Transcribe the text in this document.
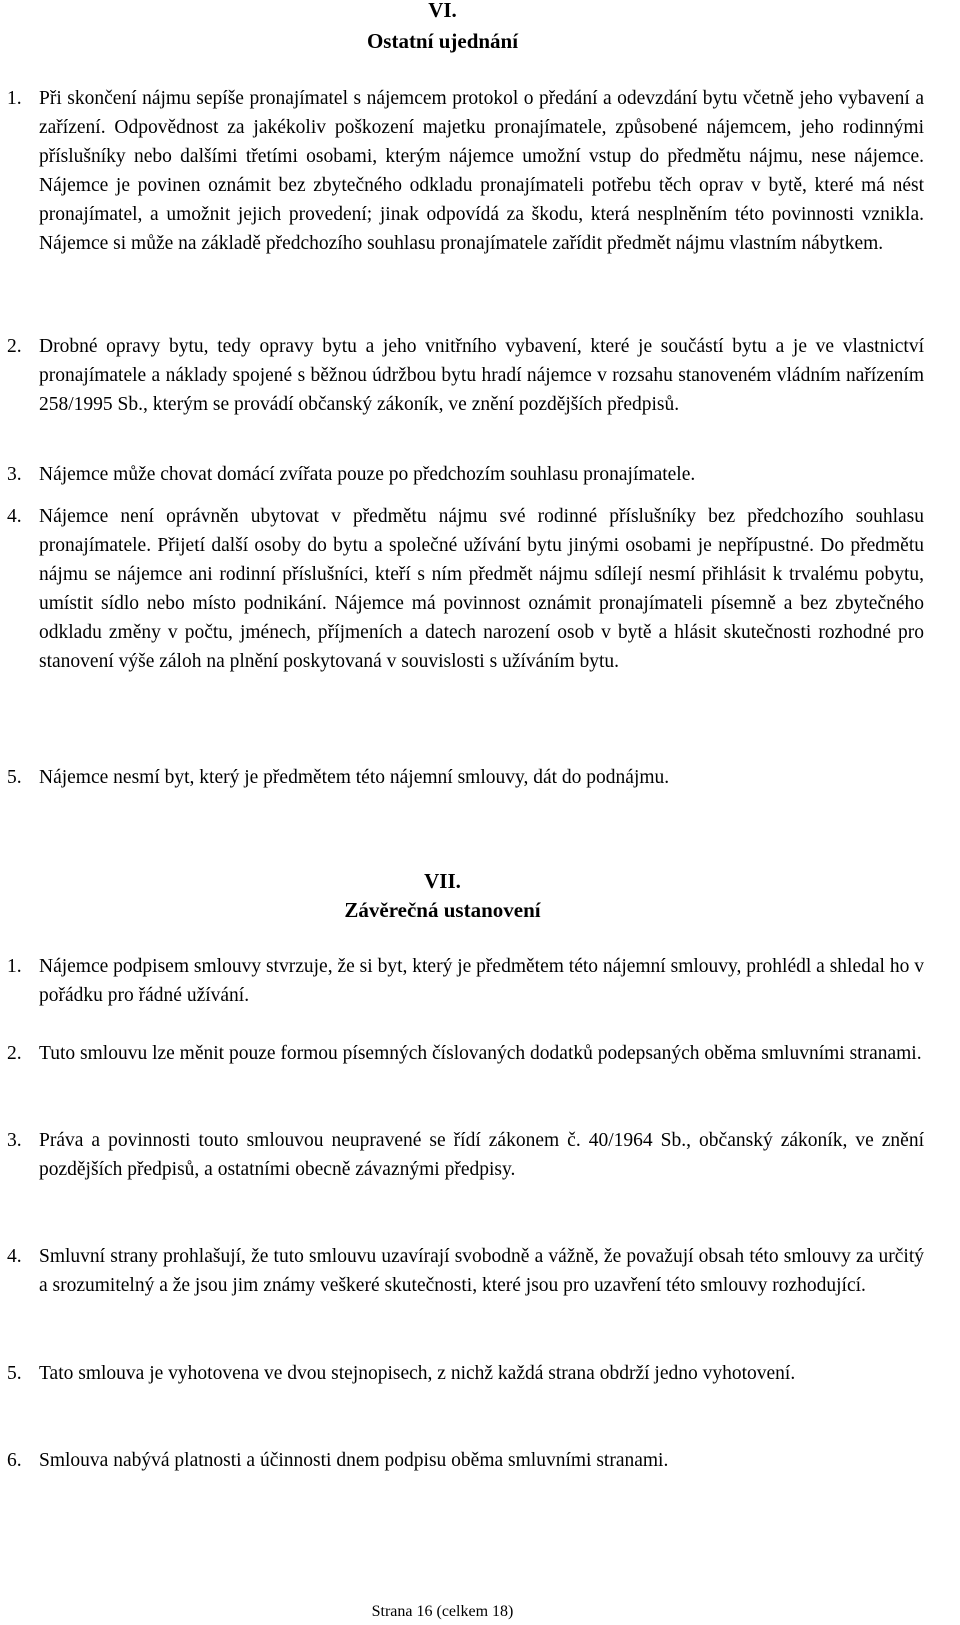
VI.
Ostatní ujednání
1. Při skončení nájmu sepíše pronajímatel s nájemcem protokol o předání a odevzdání bytu včetně jeho vybavení a zařízení. Odpovědnost za jakékoliv poškození majetku pronajímatele, způsobené nájemcem, jeho rodinnými příslušníky nebo dalšími třetími osobami, kterým nájemce umožní vstup do předmětu nájmu, nese nájemce. Nájemce je povinen oznámit bez zbytečného odkladu pronajímateli potřebu těch oprav v bytě, které má nést pronajímatel, a umožnit jejich provedení; jinak odpovídá za škodu, která nesplněním této povinnosti vznikla. Nájemce si může na základě předchozího souhlasu pronajímatele zařídit předmět nájmu vlastním nábytkem.
2. Drobné opravy bytu, tedy opravy bytu a jeho vnitřního vybavení, které je součástí bytu a je ve vlastnictví pronajímatele a náklady spojené s běžnou údržbou bytu hradí nájemce v rozsahu stanoveném vládním nařízením 258/1995 Sb., kterým se provádí občanský zákoník, ve znění pozdějších předpisů.
3. Nájemce může chovat domácí zvířata pouze po předchozím souhlasu pronajímatele.
4. Nájemce není oprávněn ubytovat v předmětu nájmu své rodinné příslušníky bez předchozího souhlasu pronajímatele. Přijetí další osoby do bytu a společné užívání bytu jinými osobami je nepřípustné. Do předmětu nájmu se nájemce ani rodinní příslušníci, kteří s ním předmět nájmu sdílejí nesmí přihlásit k trvalému pobytu, umístit sídlo nebo místo podnikání. Nájemce má povinnost oznámit pronajímateli písemně a bez zbytečného odkladu změny v počtu, jménech, příjmeních a datech narození osob v bytě a hlásit skutečnosti rozhodné pro stanovení výše záloh na plnění poskytovaná v souvislosti s užíváním bytu.
5. Nájemce nesmí byt, který je předmětem této nájemní smlouvy, dát do podnájmu.
VII.
Závěrečná ustanovení
1. Nájemce podpisem smlouvy stvrzuje, že si byt, který je předmětem této nájemní smlouvy, prohlédl a shledal ho v pořádku pro řádné užívání.
2. Tuto smlouvu lze měnit pouze formou písemných číslovaných dodatků podepsaných oběma smluvními stranami.
3. Práva a povinnosti touto smlouvou neupravené se řídí zákonem č. 40/1964 Sb., občanský zákoník, ve znění pozdějších předpisů, a ostatními obecně závaznými předpisy.
4. Smluvní strany prohlašují, že tuto smlouvu uzavírají svobodně a vážně, že považují obsah této smlouvy za určitý a srozumitelný a že jsou jim známy veškeré skutečnosti, které jsou pro uzavření této smlouvy rozhodující.
5. Tato smlouva je vyhotovena ve dvou stejnopisech, z nichž každá strana obdrží jedno vyhotovení.
6. Smlouva nabývá platnosti a účinnosti dnem podpisu oběma smluvními stranami.
Strana 16 (celkem 18)
